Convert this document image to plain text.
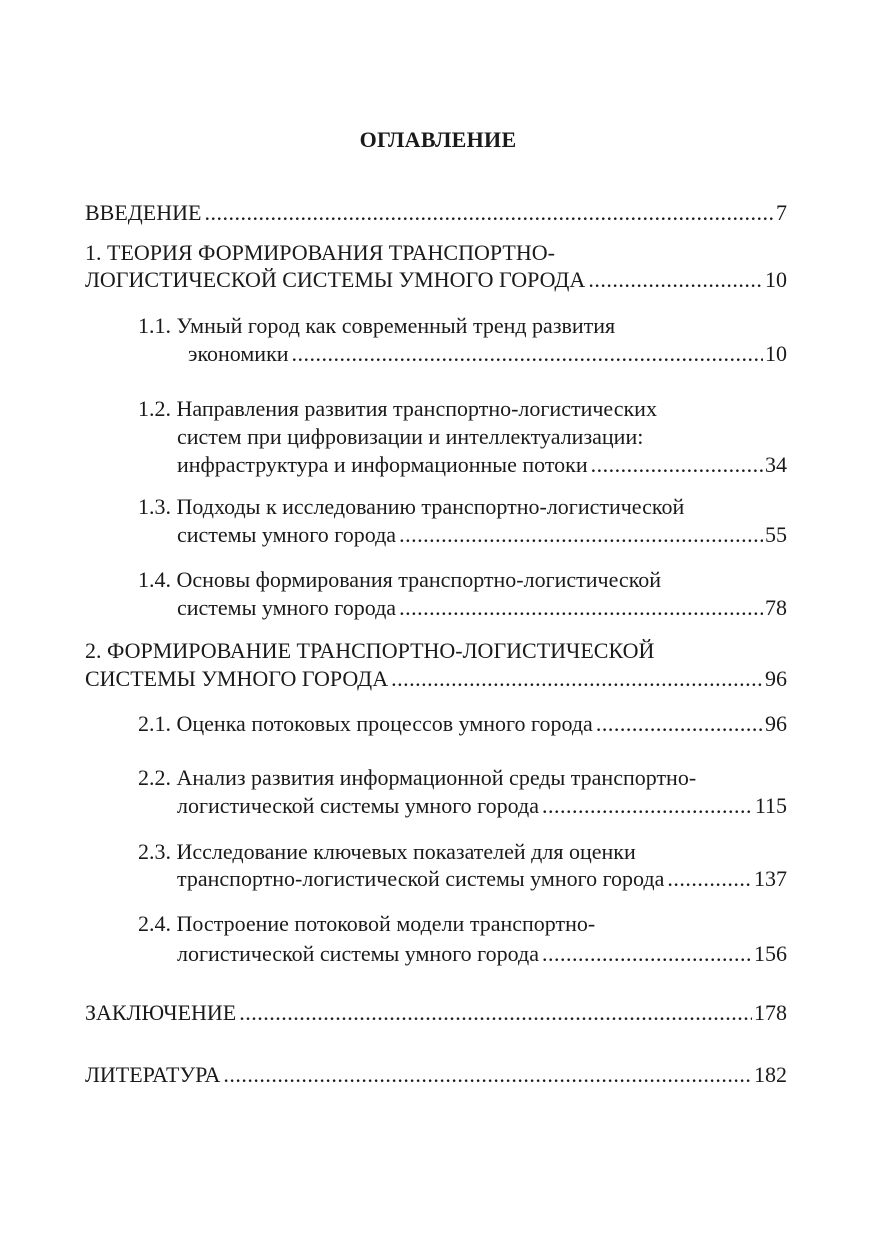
ОГЛАВЛЕНИЕ
ВВЕДЕНИЕ .....	7
1. ТЕОРИЯ ФОРМИРОВАНИЯ ТРАНСПОРТНО-
ЛОГИСТИЧЕСКОЙ СИСТЕМЫ УМНОГО ГОРОДА .....	10
1.1. Умный город как современный тренд развития
экономики .....	10
1.2. Направления развития транспортно-логистических
систем при цифровизации и интеллектуализации:
инфраструктура и информационные потоки .....	34
1.3. Подходы к исследованию транспортно-логистической
системы умного города .....	55
1.4. Основы формирования транспортно-логистической
системы умного города .....	78
2. ФОРМИРОВАНИЕ ТРАНСПОРТНО-ЛОГИСТИЧЕСКОЙ
СИСТЕМЫ УМНОГО ГОРОДА .....	96
2.1. Оценка потоковых процессов умного города .....	96
2.2. Анализ развития информационной среды транспортно-
логистической системы умного города .....	115
2.3. Исследование ключевых показателей для оценки
транспортно-логистической системы умного города .....	137
2.4. Построение потоковой модели транспортно-
логистической системы умного города .....	156
ЗАКЛЮЧЕНИЕ .....	178
ЛИТЕРАТУРА .....	182
